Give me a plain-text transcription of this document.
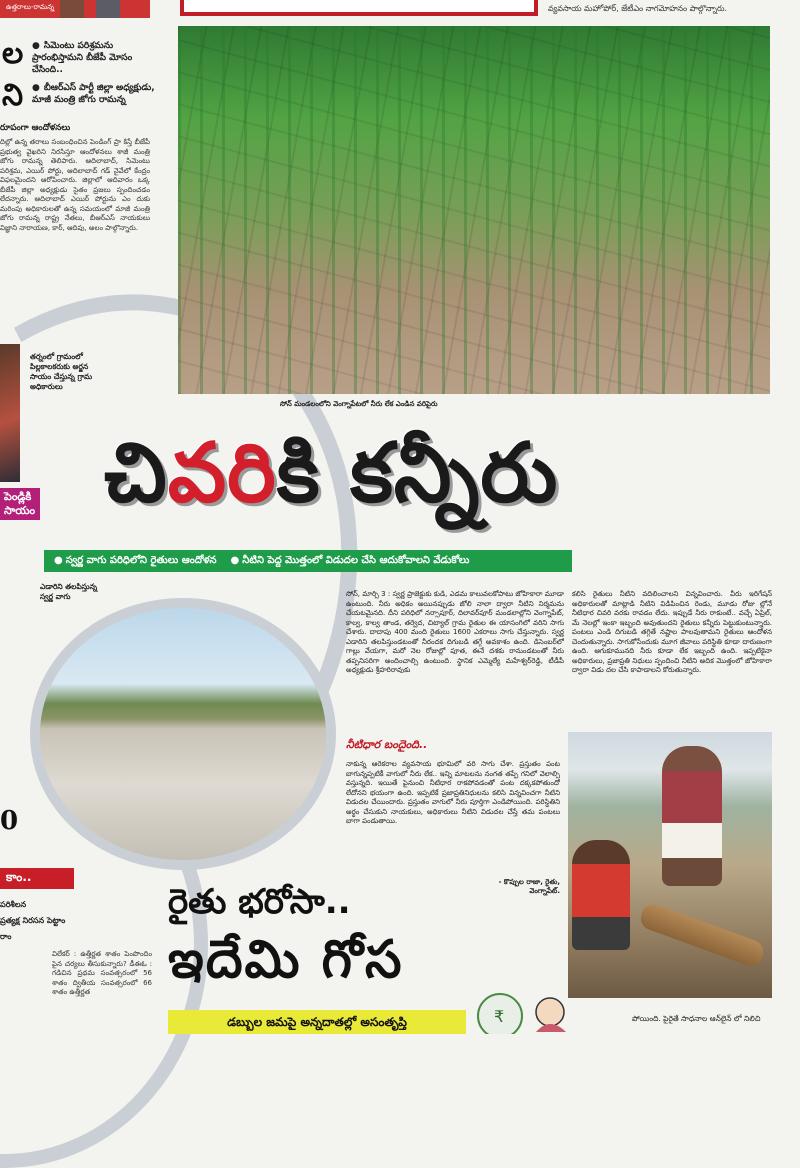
ఉత్తరాలు-రామన్న
ల
ని
● సిమెంటు పరిశ్రమను ప్రారంభిస్తామని బీజేపీ మోసం చేసింది..
● బీఆర్ఎస్ పార్టీ జిల్లా అధ్యక్షుడు, మాజీ మంత్రి జోగు రామన్న
రూపంగా ఆందోళనలు
దిల్లో ఉన్న తరాలు సంబంధించిన పెండింగ్ ప్రా కిస్తే బీజేపీ ప్రభుత్వ వైఖరిని నిరసిస్తూ ఆందోళనలు శాజీ మంత్రి జోగు రామన్న తెలిపారు. ఆదిలాబాద్, సిమెంటు పరిశ్రమ, ఎయిర్ పోర్టు, ఆదిలాబాద్ గడ్ నైవేలో కేంద్రం విఫలమైందని ఆరోపించారు. జిల్లాలో ఆదివారం ఒక్క బీజేపీ జిల్లా అధ్యక్షుడు సైతం ప్రజలు స్పందించడం లేదన్నారు. ఆదిలాబాద్ ఎయిర్ పోర్టును ఎం దుకు మరింపు అధికారులతో ఉన్న సమయంలో మాజీ మంత్రి జోగు రామన్న రాష్ట్ర నేతలు, బీఆర్ఎస్ నాయకులు విజ్ఞాని నారాయణ, కార్, ఆదిపు, అలం పాల్గొన్నారు.
తర్నంలో గ్రామంలో పిల్లకాలకరుకు అర్జన సాయం చేస్తున్న గ్రామ అధికారులు
పెండ్లికి సాయం
0
కాం..
పరిశీలన
ప్రత్యక్ష నిరసన పెట్టాం
రాం
విలేకర్ : ఉత్తీర్ణత శాతం పెంపొందిం పైన చర్యలు తీసుకున్నారు? డీఈఓ : గడిచిన ప్రథమ సంవత్సరంలో 56 శాతం ద్వితీయ సంవత్సరంలో 66 శాతం ఉత్తీర్ణత
వ్యవసాయ మహోపోర్, జేటీఎం నాగమోహనం పాల్గొన్నారు.
సోన్ మండలంలోని వెంగ్నాపేటలో నీరు లేక ఎండిన వరిపైరు
చివరికి కన్నీరు
● స్వర్ణ వాగు పరిధిలోని రైతులు ఆందోళన    ●	నీటిని పెద్ద మొత్తంలో విడుదల చేసి ఆదుకోవాలని వేడుకోలు
ఎడారిని తలపిస్తున్న స్వర్ణ వాగు	సోన్, మార్చి 3 : స్వర్ణ ప్రాజెక్టుకు కుడి, ఎడమ కాలువలకోపాటు జోహికారా మూడా ఉంటుంది. నీరు అధికం అయినప్పుడు జోలి నాలా ద్వారా నీటిని నిర్మమను చేయటమైనది. దీని పరిధిలో నర్సాపూర్, దిలావర్‌పూర్ మండలాల్లోని వెంగ్నాపేట్, కాల్వ, కాల్వ తాండ, తర్వెద, చిట్యాల్ గ్రామ రైతుల ఈ యాసంగిలో వరిని సాగు చేశారు. దాదాపు 400 మంది రైతులు 1600 ఎకరాలు సాగు చేస్తున్నారు. స్వర్ణ ఎడారిని తలపిస్తుండటంతో నీరందక దిగుబడి తగ్గే అవకాశం ఉంది. డిసెంబర్‌లో గాల్లు వేయగా, మరో నెల రోజుల్లో పూత, ఈనే దశకు రానుండటంతో నీరు తప్పనిసరిగా అందించాల్సి ఉంటుంది. స్థానిక ఎమ్మెల్యే మహేశ్వర్‌రెడ్డి, టీడీపీ అధ్యక్షుడు శ్రీహరిరావుకు
కలిసి రైతులు నీటిని వదిలించాలని విన్నవించారు. వీరు ఇరిగేషన్ అధికారులతో మాట్లాడి నీటిని విడిపించిన రెండు, మూడు రోజు ల్లోనే నీటిధార చివరి వరకు రావడం లేదు. ఇప్పుడే నీరు రాకుంటే.. వచ్చే ఏప్రిల్, మే నెలల్లో ఇంకా ఇబ్బంది అవుతుందని రైతులు కన్నీరు పెట్టుకుంటున్నారు. పంటలు ఎండి దిగుబడి తగ్గితే నష్టాల పాలవుతామని రైతులు ఆందోళన చెందుతున్నారు. సాగుకోసేందుకు మూగ జీవాలు పరిస్థితి కూడా దారుణంగా ఉంది. ఆగుకూమునది నీరు కూడా లేక ఇబ్బంది ఉంది. ఇప్పటికైనా అధికారులు, ప్రజాప్రతి నిధులు స్పందించి నీటిని అదిక మొత్తంలో జోహికారా ద్వారా విడు దల చేసి కాపాడాలని కోరుతున్నారు.
నీటిధార బందైంది..
నాకున్న ఆరెకరాల వ్యవసాయ భూమిలో వరి సాగు చేశా. ప్రస్తుతం పంట బాగున్నప్పటికీ వాగులో నీరు లేక.. ఇన్ని మాటలను నంగత తప్పే గనిలో వెలాల్సి వస్తున్నది. ఇయితే పైనుంచి నీటిధార రాకపోవడంతో పంట దక్కకపోతుందో లేదోనని భయంగా ఉంది. ఇప్పటికే ప్రజాప్రతినిధులను కలిసి విన్నవించగా నీటిని విడుదల చేయిందారు. ప్రస్తుతం వాగులో నీరు పూర్తిగా ఎండిపోయింది. పరిస్థితిని అర్థం చేసుకుని నాయకులు, అధికారులు నీటిని విడుదల చేస్తే తమ పంటలు బాగా పండుతాయి.
- కొప్పుల రాజా, రైతు,
వెంగ్నాపేట్.
రైతు భరోసా..
ఇదేమి గోస
డబ్బుల జమపై అన్నదాతల్లో అసంతృప్తి	₹	పోయింది. పైరైతే సాధనాల ఆన్‌లైన్ లో నిలిచి
